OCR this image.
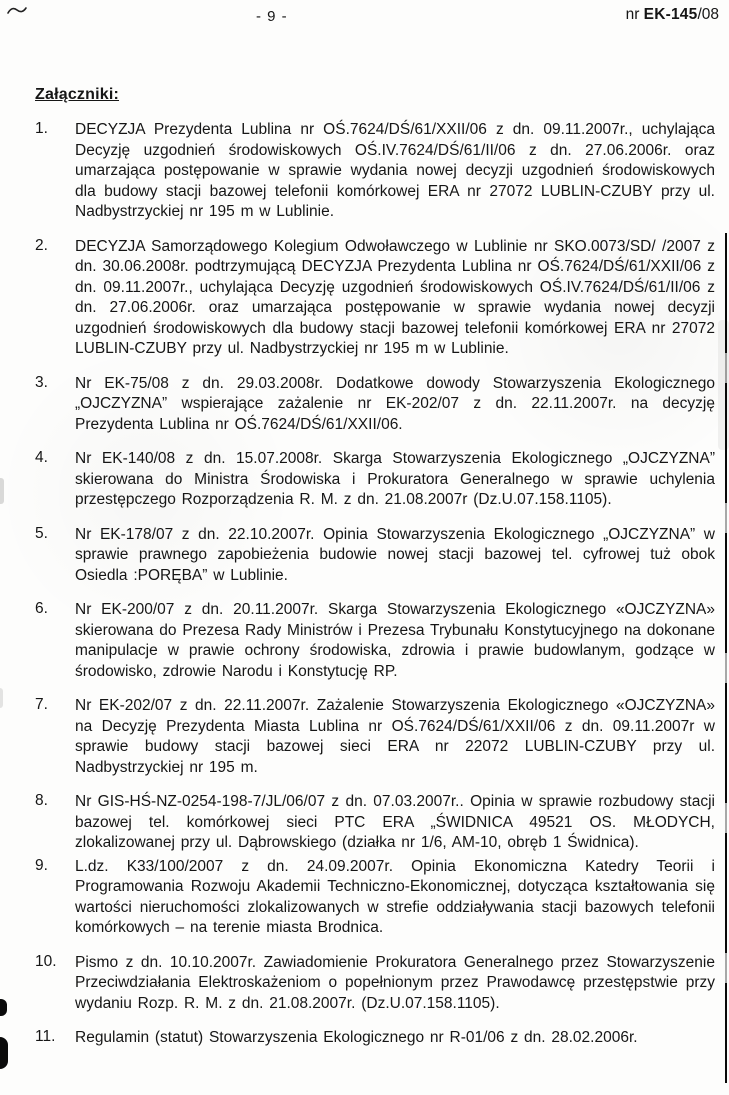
- 9 -	nr EK-145/08
Załączniki:
1. DECYZJA Prezydenta Lublina nr OŚ.7624/DŚ/61/XXII/06 z dn. 09.11.2007r., uchylająca Decyzję uzgodnień środowiskowych OŚ.IV.7624/DŚ/61/II/06 z dn. 27.06.2006r. oraz umarzająca postępowanie w sprawie wydania nowej decyzji uzgodnień środowiskowych dla budowy stacji bazowej telefonii komórkowej ERA nr 27072 LUBLIN-CZUBY przy ul. Nadbystrzyckiej nr 195 m w Lublinie.

2. DECYZJA Samorządowego Kolegium Odwoławczego w Lublinie nr SKO.0073/SD/ /2007 z dn. 30.06.2008r. podtrzymującą DECYZJA Prezydenta Lublina nr OŚ.7624/DŚ/61/XXII/06 z dn. 09.11.2007r., uchylająca Decyzję uzgodnień środowiskowych OŚ.IV.7624/DŚ/61/II/06 z dn. 27.06.2006r. oraz umarzająca postępowanie w sprawie wydania nowej decyzji uzgodnień środowiskowych dla budowy stacji bazowej telefonii komórkowej ERA nr 27072 LUBLIN-CZUBY przy ul. Nadbystrzyckiej nr 195 m w Lublinie.

3. Nr EK-75/08 z dn. 29.03.2008r. Dodatkowe dowody Stowarzyszenia Ekologicznego „OJCZYZNA” wspierające zażalenie nr EK-202/07 z dn. 22.11.2007r. na decyzję Prezydenta Lublina nr OŚ.7624/DŚ/61/XXII/06.

4. Nr EK-140/08 z dn. 15.07.2008r. Skarga Stowarzyszenia Ekologicznego „OJCZYZNA” skierowana do Ministra Środowiska i Prokuratora Generalnego w sprawie uchylenia przestępczego Rozporządzenia R. M. z dn. 21.08.2007r (Dz.U.07.158.1105).

5. Nr EK-178/07 z dn. 22.10.2007r. Opinia Stowarzyszenia Ekologicznego „OJCZYZNA” w sprawie prawnego zapobieżenia budowie nowej stacji bazowej tel. cyfrowej tuż obok Osiedla :PORĘBA” w Lublinie.

6. Nr EK-200/07 z dn. 20.11.2007r. Skarga Stowarzyszenia Ekologicznego «OJCZYZNA» skierowana do Prezesa Rady Ministrów i Prezesa Trybunału Konstytucyjnego na dokonane manipulacje w prawie ochrony środowiska, zdrowia i prawie budowlanym, godzące w środowisko, zdrowie Narodu i Konstytucję RP.

7. Nr EK-202/07 z dn. 22.11.2007r. Zażalenie Stowarzyszenia Ekologicznego «OJCZYZNA» na Decyzję Prezydenta Miasta Lublina nr OŚ.7624/DŚ/61/XXII/06 z dn. 09.11.2007r w sprawie budowy stacji bazowej sieci ERA nr 22072 LUBLIN-CZUBY przy ul. Nadbystrzyckiej nr 195 m.

8. Nr GIS-HŚ-NZ-0254-198-7/JL/06/07 z dn. 07.03.2007r.. Opinia w sprawie rozbudowy stacji bazowej tel. komórkowej sieci PTC ERA „ŚWIDNICA 49521 OS. MŁODYCH, zlokalizowanej przy ul. Dąbrowskiego (działka nr 1/6, AM-10, obręb 1 Świdnica).

9. L.dz. K33/100/2007 z dn. 24.09.2007r. Opinia Ekonomiczna Katedry Teorii i Programowania Rozwoju Akademii Techniczno-Ekonomicznej, dotycząca kształtowania się wartości nieruchomości zlokalizowanych w strefie oddziaływania stacji bazowych telefonii komórkowych – na terenie miasta Brodnica.

10. Pismo z dn. 10.10.2007r. Zawiadomienie Prokuratora Generalnego przez Stowarzyszenie Przeciwdziałania Elektroskażeniom o popełnionym przez Prawodawcę przestępstwie przy wydaniu Rozp. R. M. z dn. 21.08.2007r. (Dz.U.07.158.1105).

11. Regulamin (statut) Stowarzyszenia Ekologicznego nr R-01/06 z dn. 28.02.2006r.
